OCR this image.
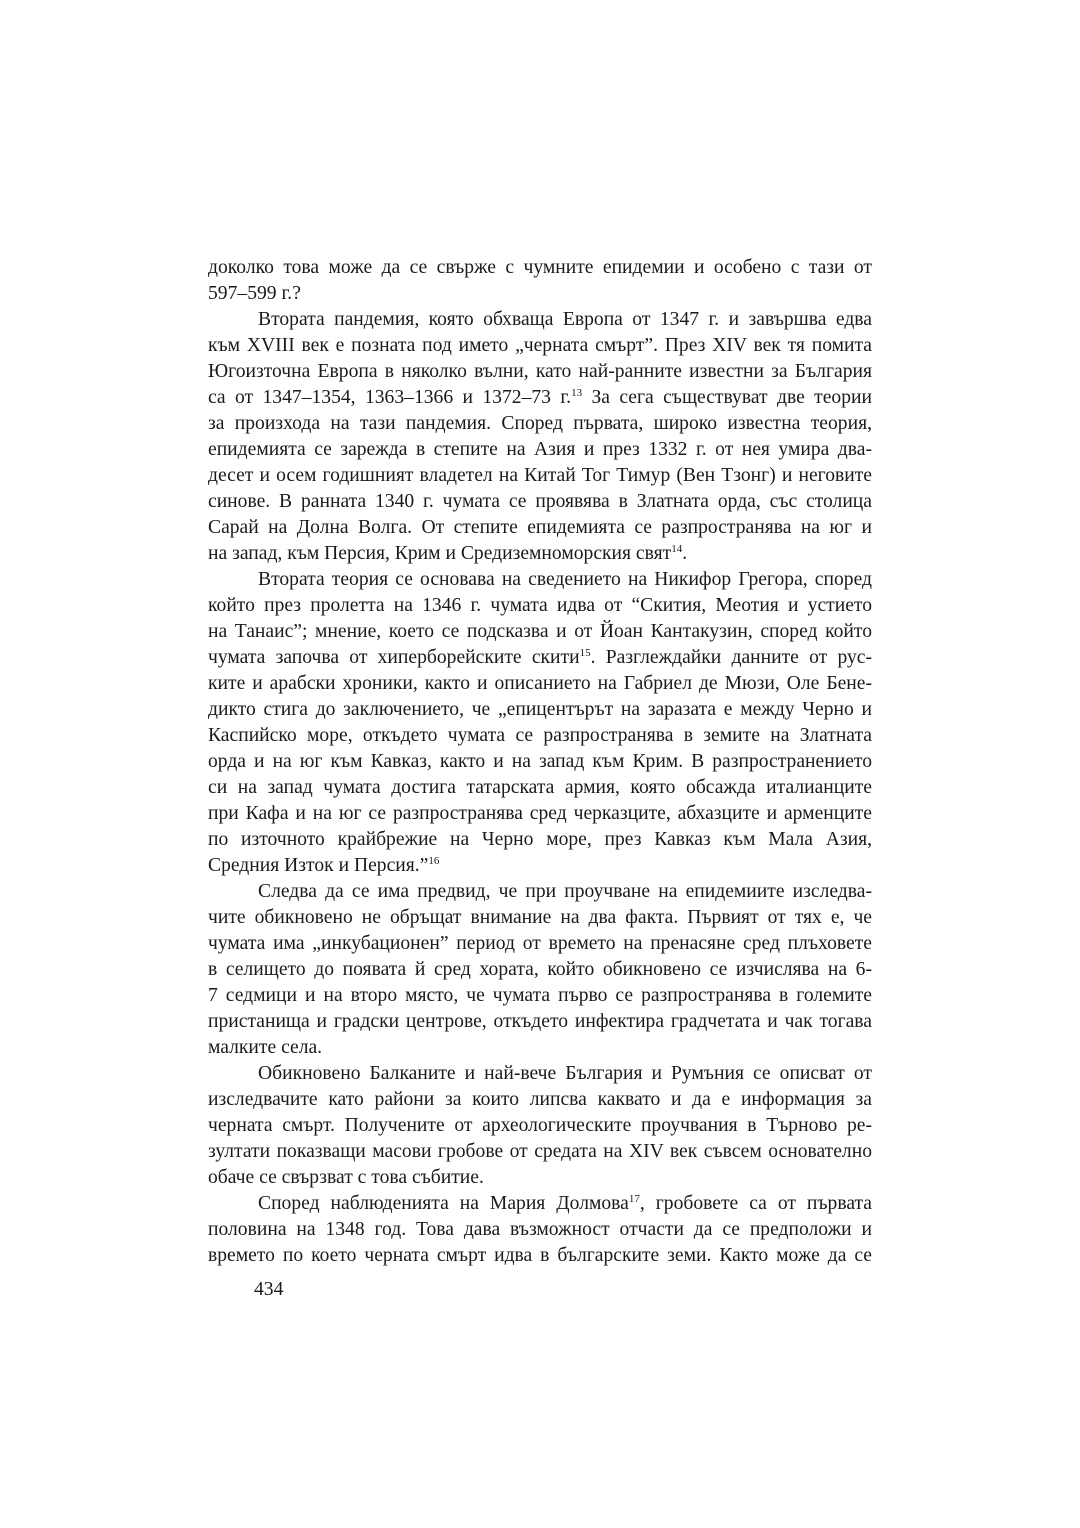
доколко това може да се свърже с чумните епидемии и особено с тази от
597–599 г.?
Втората пандемия, която обхваща Европа от 1347 г. и завършва едва
към XVIII век е позната под името „черната смърт”. През XIV век тя помита
Югоизточна Европа в няколко вълни, като най-ранните известни за България
са от 1347–1354, 1363–1366 и 1372–73 г.$^{13}$ За сега съществуват две теории
за произхода на тази пандемия. Според първата, широко известна теория,
епидемията се зарежда в степите на Азия и през 1332 г. от нея умира два-
десет и осем годишният владетел на Китай Тог Тимур (Вен Тзонг) и неговите
синове. В ранната 1340 г. чумата се проявява в Златната орда, със столица
Сарай на Долна Волга. От степите епидемията се разпространява на юг и
на запад, към Персия, Крим и Средиземноморския свят$^{14}$.
Втората теория се основава на сведението на Никифор Грегора, според
който през пролетта на 1346 г. чумата идва от “Скития, Меотия и устието
на Танаис”; мнение, което се подсказва и от Йоан Кантакузин, според който
чумата започва от хиперборейските скити$^{15}$. Разглеждайки данните от рус-
ките и арабски хроники, както и описанието на Габриел де Мюзи, Оле Бене-
дикто стига до заключението, че „епицентърът на заразата е между Черно и
Каспийско море, откъдето чумата се разпространява в земите на Златната
орда и на юг към Кавказ, както и на запад към Крим. В разпространението
си на запад чумата достига татарската армия, която обсажда италианците
при Кафа и на юг се разпространява сред черказците, абхазците и арменците
по източното крайбрежие на Черно море, през Кавказ към Мала Азия,
Средния Изток и Персия.”$^{16}$
Следва да се има предвид, че при проучване на епидемиите изследва-
чите обикновено не обръщат внимание на два факта. Първият от тях е, че
чумата има „инкубационен” период от времето на пренасяне сред плъховете
в селището до появата й сред хората, който обикновено се изчислява на 6-
7 седмици и на второ място, че чумата първо се разпространява в големите
пристанища и градски центрове, откъдето инфектира градчетата и чак тогава
малките села.
Обикновено Балканите и най-вече България и Румъния се описват от
изследвачите като райони за които липсва каквато и да е информация за
черната смърт. Получените от археологическите проучвания в Търново ре-
зултати показващи масови гробове от средата на XIV век съвсем основателно
обаче се свързват с това събитие.
Според наблюденията на Мария Долмова$^{17}$, гробовете са от първата
половина на 1348 год. Това дава възможност отчасти да се предположи и
времето по което черната смърт идва в българските земи. Както може да се
434
